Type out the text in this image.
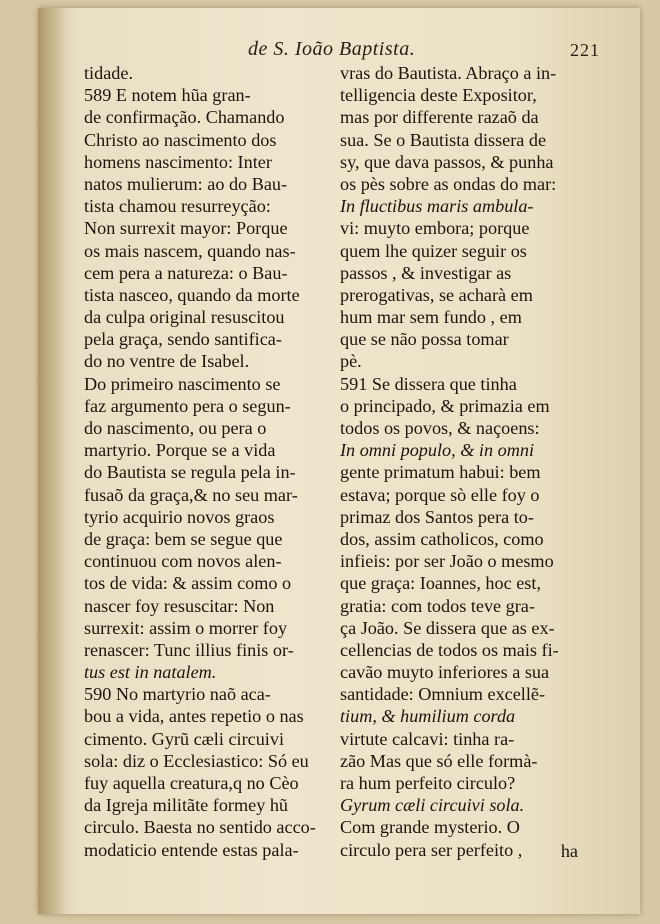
de S. Ioão Baptista.	221
tidade.
589 E notem hũa gran-
de confirmação. Chamando
Christo ao nascimento dos
homens nascimento: Inter
natos mulierum: ao do Bau-
tista chamou resurreyção:
Non surrexit mayor: Porque
os mais nascem, quando nas-
cem pera a natureza: o Bau-
tista nasceo, quando da morte
da culpa original resuscitou
pela graça, sendo santifica-
do no ventre de Isabel.
Do primeiro nascimento se
faz argumento pera o segun-
do nascimento, ou pera o
martyrio. Porque se a vida
do Bautista se regula pela in-
fusaõ da graça,& no seu mar-
tyrio acquirio novos graos
de graça: bem se segue que
continuou com novos alen-
tos de vida: & assim como o
nascer foy resuscitar: Non
surrexit: assim o morrer foy
renascer: Tunc illius finis or-
tus est in natalem.
590 No martyrio naõ aca-
bou a vida, antes repetio o nas
cimento. Gyrũ cæli circuivi
sola: diz o Ecclesiastico: Só eu
fuy aquella creatura,q no Cèo
da Igreja militãte formey hũ
circulo. Baesta no sentido acco-
modaticio entende estas pala-
vras do Bautista. Abraço a in-
telligencia deste Expositor,
mas por differente razaõ da
sua. Se o Bautista dissera de
sy, que dava passos, & punha
os pès sobre as ondas do mar:
In fluctibus maris ambula-
vi: muyto embora; porque
quem lhe quizer seguir os
passos , & investigar as
prerogativas, se acharà em
hum mar sem fundo , em
que se não possa tomar
pè.
591 Se dissera que tinha
o principado, & primazia em
todos os povos, & naçoens:
In omni populo, & in omni
gente primatum habui: bem
estava; porque sò elle foy o
primaz dos Santos pera to-
dos, assim catholicos, como
infieis: por ser João o mesmo
que graça: Ioannes, hoc est,
gratia: com todos teve gra-
ça João. Se dissera que as ex-
cellencias de todos os mais fi-
cavão muyto inferiores a sua
santidade: Omnium excellẽ-
tium, & humilium corda
virtute calcavi: tinha ra-
zão Mas que só elle formà-
ra hum perfeito circulo?
Gyrum cæli circuivi sola.
Com grande mysterio. O
circulo pera ser perfeito ,	ha
